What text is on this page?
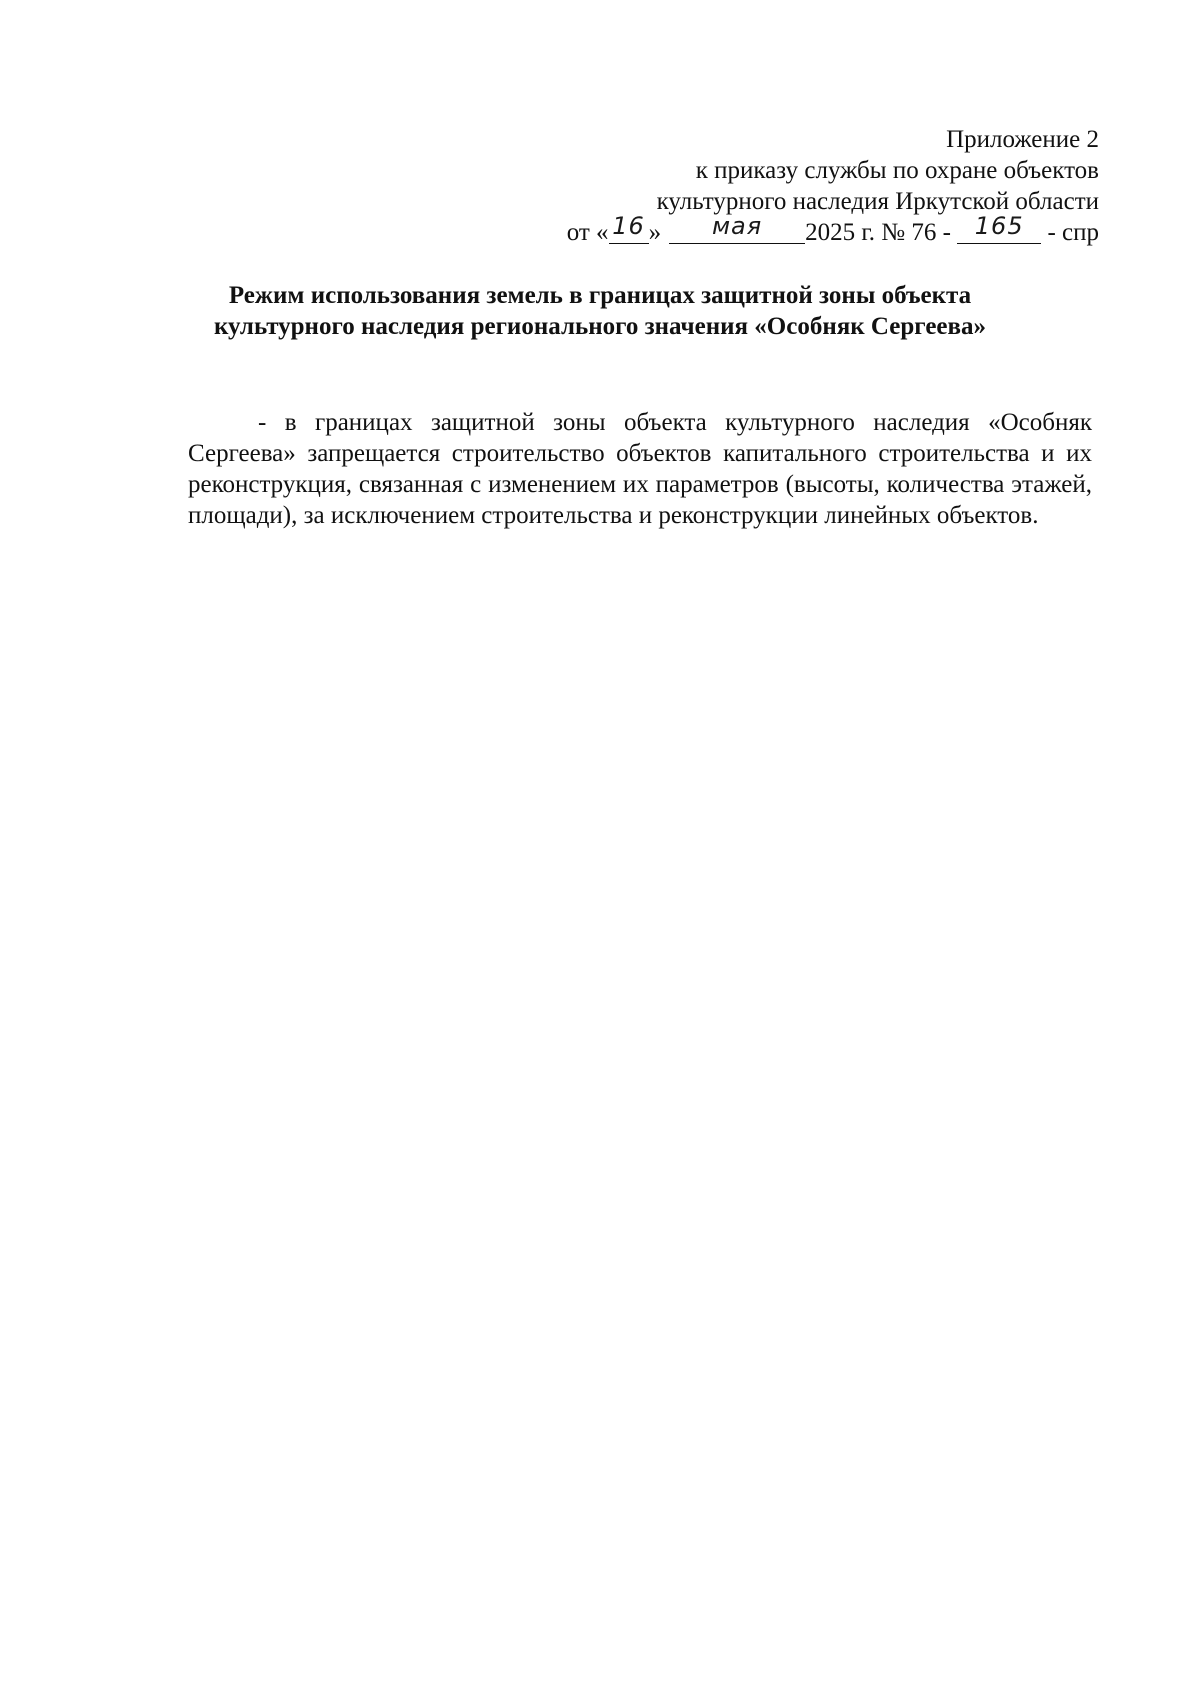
Приложение 2
к приказу службы по охране объектов
культурного наследия Иркутской области
от « 16 » мая 2025 г. № 76 - 165 - спр
Режим использования земель в границах защитной зоны объекта
культурного наследия регионального значения «Особняк Сергеева»

- в границах защитной зоны объекта культурного наследия «Особняк Сергеева» запрещается строительство объектов капитального строительства и их реконструкция, связанная с изменением их параметров (высоты, количества этажей, площади), за исключением строительства и реконструкции линейных объектов.
